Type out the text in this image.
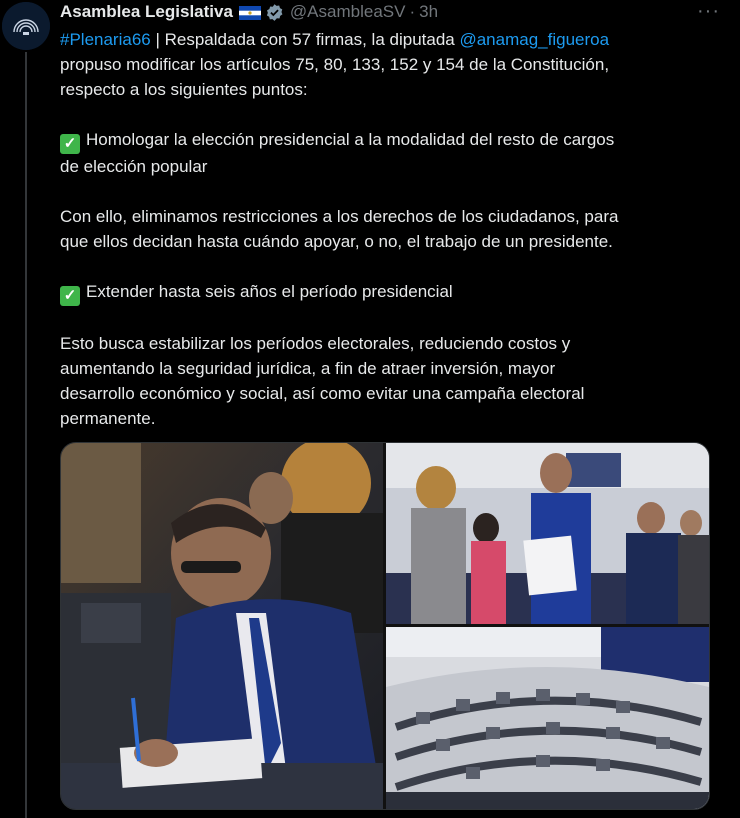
Asamblea Legislativa	@AsambleaSV · 3h	···

#Plenaria66 | Respaldada con 57 firmas, la diputada @anamag_figueroa

propuso modificar los artículos 75, 80, 133, 152 y 154 de la Constitución,

respecto a los siguientes puntos:

✓ Homologar la elección presidencial a la modalidad del resto de cargos

de elección popular

Con ello, eliminamos restricciones a los derechos de los ciudadanos, para

que ellos decidan hasta cuándo apoyar, o no, el trabajo de un presidente.

✓ Extender hasta seis años el período presidencial

Esto busca estabilizar los períodos electorales, reduciendo costos y

aumentando la seguridad jurídica, a fin de atraer inversión, mayor

desarrollo económico y social, así como evitar una campaña electoral

permanente.
